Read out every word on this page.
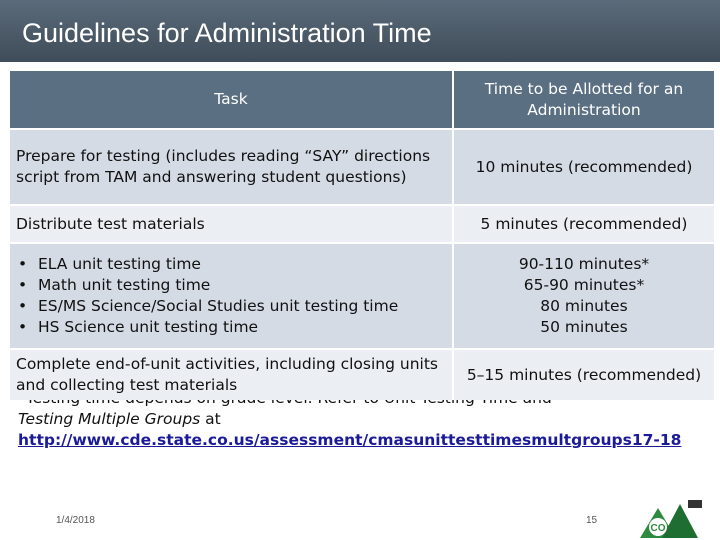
Guidelines for Administration Time
Testing Multiple Groups at
http://www.cde.state.co.us/assessment/cmasunittesttimesmultgroups17-18
Task
Time to be Allotted for an Administration
Prepare for testing (includes reading “SAY” directions script from TAM and answering student questions)
10 minutes (recommended)
Distribute test materials	5 minutes (recommended)
• ELA unit testing time
• Math unit testing time
• ES/MS Science/Social Studies unit testing time
• HS Science unit testing time
90-110 minutes*
65-90 minutes*
80 minutes
50 minutes
Complete end-of-unit activities, including closing units and collecting test materials
5–15 minutes (recommended)
1/4/2018	15
CO
